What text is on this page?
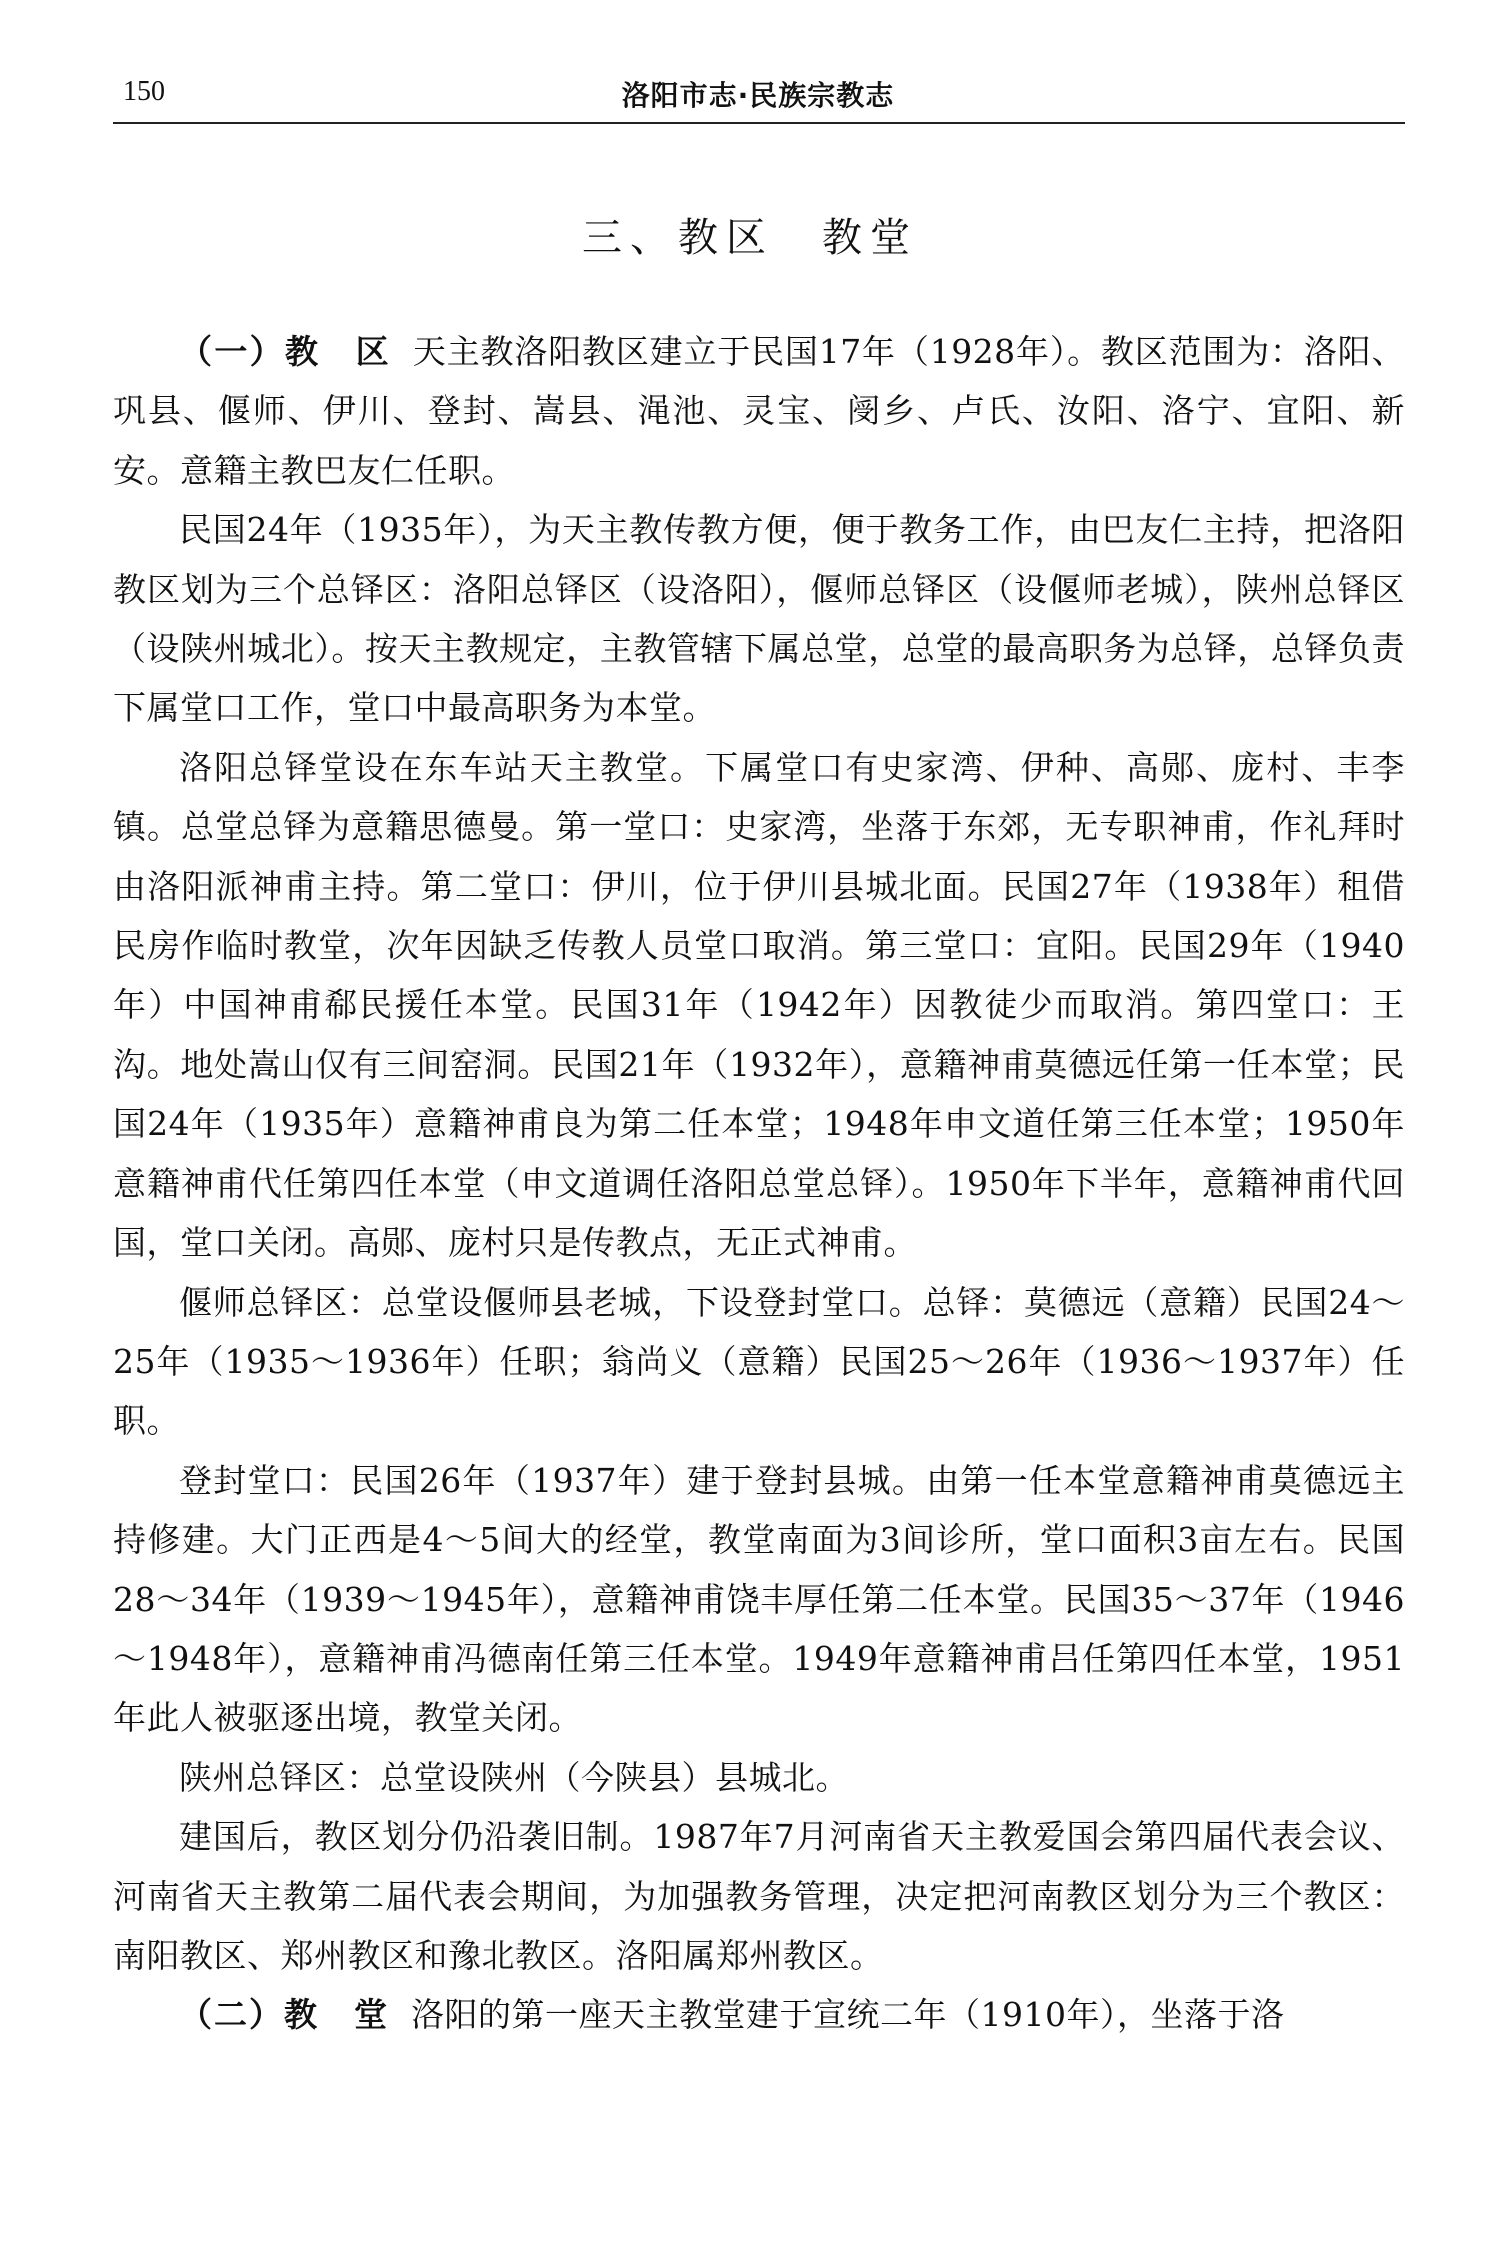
150	洛阳市志·民族宗教志
三、教区　教堂

（一）教　区 天主教洛阳教区建立于民国17年（1928年）。教区范围为：洛阳、巩县、偃师、伊川、登封、嵩县、渑池、灵宝、阌乡、卢氏、汝阳、洛宁、宜阳、新安。意籍主教巴友仁任职。

民国24年（1935年），为天主教传教方便，便于教务工作，由巴友仁主持，把洛阳教区划为三个总铎区：洛阳总铎区（设洛阳），偃师总铎区（设偃师老城），陕州总铎区（设陕州城北）。按天主教规定，主教管辖下属总堂，总堂的最高职务为总铎，总铎负责下属堂口工作，堂口中最高职务为本堂。

洛阳总铎堂设在东车站天主教堂。下属堂口有史家湾、伊种、高郧、庞村、丰李镇。总堂总铎为意籍思德曼。第一堂口：史家湾，坐落于东郊，无专职神甫，作礼拜时由洛阳派神甫主持。第二堂口：伊川，位于伊川县城北面。民国27年（1938年）租借民房作临时教堂，次年因缺乏传教人员堂口取消。第三堂口：宜阳。民国29年（1940年）中国神甫郗民援任本堂。民国31年（1942年）因教徒少而取消。第四堂口：王沟。地处嵩山仅有三间窑洞。民国21年（1932年），意籍神甫莫德远任第一任本堂；民国24年（1935年）意籍神甫良为第二任本堂；1948年申文道任第三任本堂；1950年意籍神甫代任第四任本堂（申文道调任洛阳总堂总铎）。1950年下半年，意籍神甫代回国，堂口关闭。高郧、庞村只是传教点，无正式神甫。

偃师总铎区：总堂设偃师县老城，下设登封堂口。总铎：莫德远（意籍）民国24～25年（1935～1936年）任职；翁尚义（意籍）民国25～26年（1936～1937年）任职。

登封堂口：民国26年（1937年）建于登封县城。由第一任本堂意籍神甫莫德远主持修建。大门正西是4～5间大的经堂，教堂南面为3间诊所，堂口面积3亩左右。民国28～34年（1939～1945年），意籍神甫饶丰厚任第二任本堂。民国35～37年（1946～1948年），意籍神甫冯德南任第三任本堂。1949年意籍神甫吕任第四任本堂，1951年此人被驱逐出境，教堂关闭。

陕州总铎区：总堂设陕州（今陕县）县城北。

建国后，教区划分仍沿袭旧制。1987年7月河南省天主教爱国会第四届代表会议、河南省天主教第二届代表会期间，为加强教务管理，决定把河南教区划分为三个教区：南阳教区、郑州教区和豫北教区。洛阳属郑州教区。

（二）教　堂 洛阳的第一座天主教堂建于宣统二年（1910年），坐落于洛
